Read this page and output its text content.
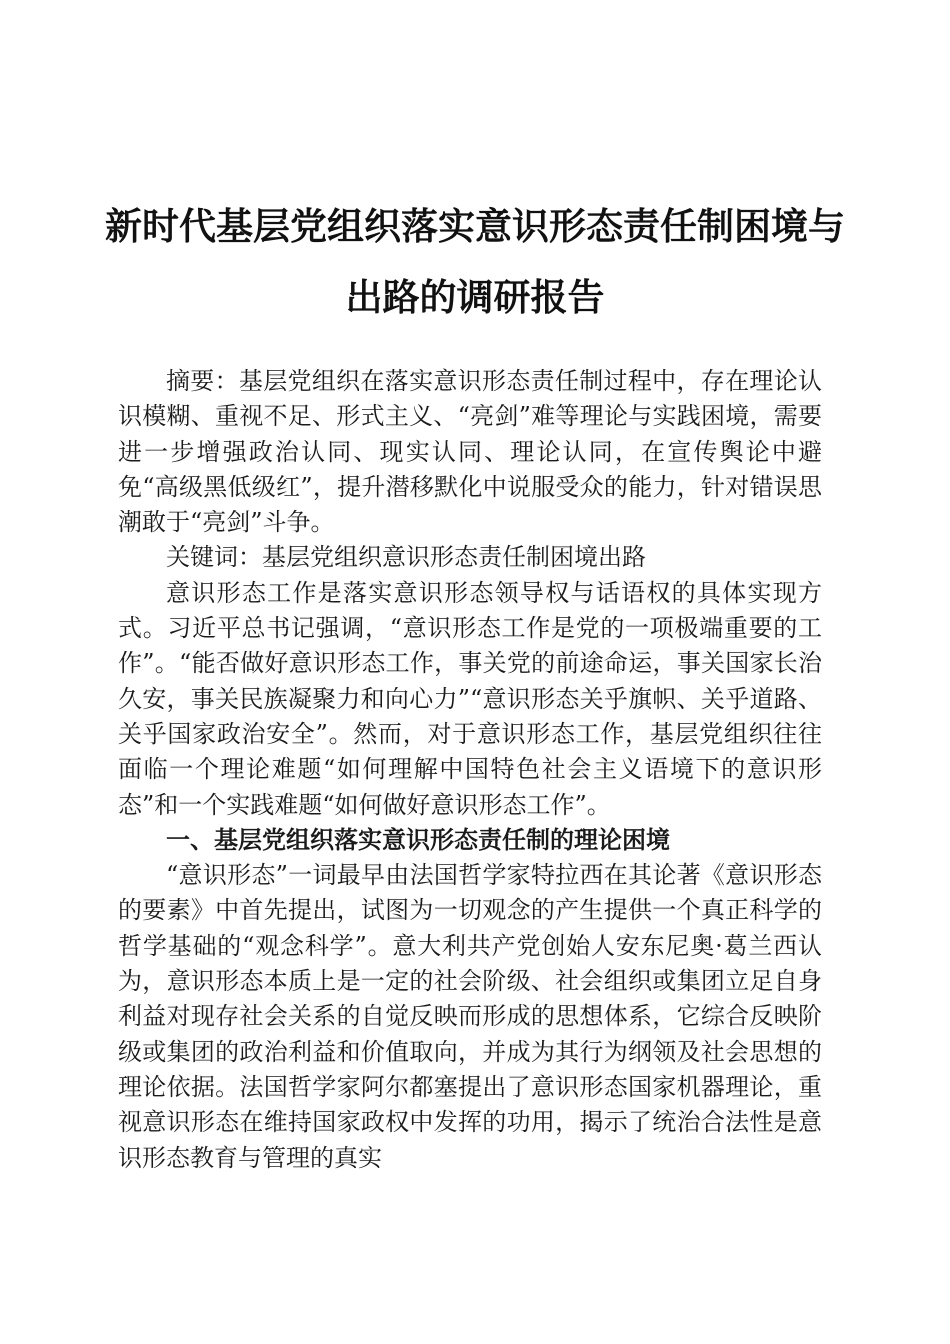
新时代基层党组织落实意识形态责任制困境与
出路的调研报告

摘要：基层党组织在落实意识形态责任制过程中，存在理论认识模糊、重视不足、形式主义、“亮剑”难等理论与实践困境，需要进一步增强政治认同、现实认同、理论认同，在宣传舆论中避免“高级黑低级红”，提升潜移默化中说服受众的能力，针对错误思潮敢于“亮剑”斗争。

关键词：基层党组织意识形态责任制困境出路

意识形态工作是落实意识形态领导权与话语权的具体实现方式。习近平总书记强调，“意识形态工作是党的一项极端重要的工作”。“能否做好意识形态工作，事关党的前途命运，事关国家长治久安，事关民族凝聚力和向心力”“意识形态关乎旗帜、关乎道路、关乎国家政治安全”。然而，对于意识形态工作，基层党组织往往面临一个理论难题“如何理解中国特色社会主义语境下的意识形态”和一个实践难题“如何做好意识形态工作”。

一、基层党组织落实意识形态责任制的理论困境

“意识形态”一词最早由法国哲学家特拉西在其论著《意识形态的要素》中首先提出，试图为一切观念的产生提供一个真正科学的哲学基础的“观念科学”。意大利共产党创始人安东尼奥·葛兰西认为，意识形态本质上是一定的社会阶级、社会组织或集团立足自身利益对现存社会关系的自觉反映而形成的思想体系，它综合反映阶级或集团的政治利益和价值取向，并成为其行为纲领及社会思想的理论依据。法国哲学家阿尔都塞提出了意识形态国家机器理论，重视意识形态在维持国家政权中发挥的功用，揭示了统治合法性是意识形态教育与管理的真实
